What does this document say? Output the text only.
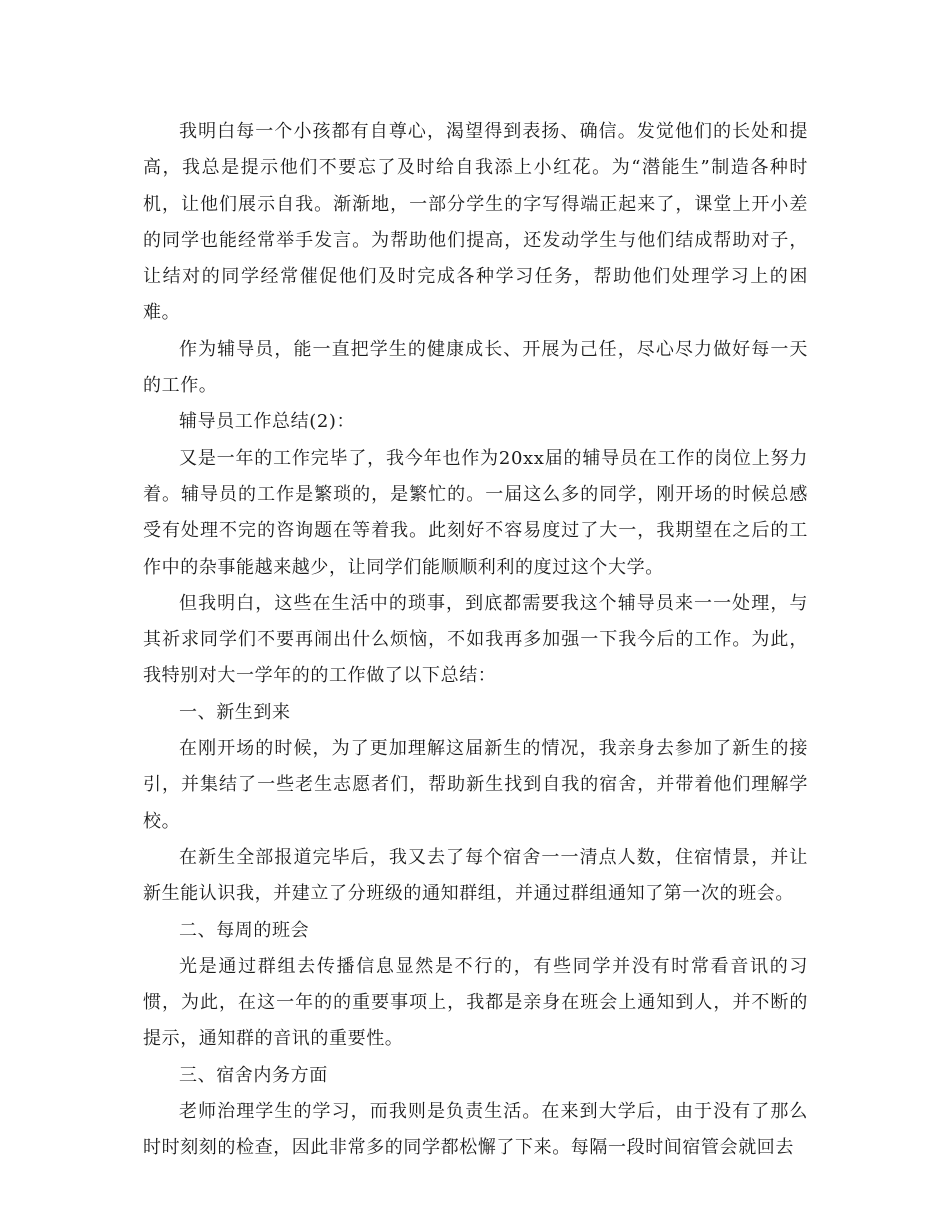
我明白每一个小孩都有自尊心，渴望得到表扬、确信。发觉他们的长处和提高，我总是提示他们不要忘了及时给自我添上小红花。为“潜能生”制造各种时机，让他们展示自我。渐渐地，一部分学生的字写得端正起来了，课堂上开小差的同学也能经常举手发言。为帮助他们提高，还发动学生与他们结成帮助对子，让结对的同学经常催促他们及时完成各种学习任务，帮助他们处理学习上的困难。

作为辅导员，能一直把学生的健康成长、开展为己任，尽心尽力做好每一天的工作。

辅导员工作总结(2)：

又是一年的工作完毕了，我今年也作为20xx届的辅导员在工作的岗位上努力着。辅导员的工作是繁琐的，是繁忙的。一届这么多的同学，刚开场的时候总感受有处理不完的咨询题在等着我。此刻好不容易度过了大一，我期望在之后的工作中的杂事能越来越少，让同学们能顺顺利利的度过这个大学。

但我明白，这些在生活中的琐事，到底都需要我这个辅导员来一一处理，与其祈求同学们不要再闹出什么烦恼，不如我再多加强一下我今后的工作。为此，我特别对大一学年的的工作做了以下总结：

一、新生到来

在刚开场的时候，为了更加理解这届新生的情况，我亲身去参加了新生的接引，并集结了一些老生志愿者们，帮助新生找到自我的宿舍，并带着他们理解学校。

在新生全部报道完毕后，我又去了每个宿舍一一清点人数，住宿情景，并让新生能认识我，并建立了分班级的通知群组，并通过群组通知了第一次的班会。

二、每周的班会

光是通过群组去传播信息显然是不行的，有些同学并没有时常看音讯的习惯，为此，在这一年的的重要事项上，我都是亲身在班会上通知到人，并不断的提示，通知群的音讯的重要性。

三、宿舍内务方面

老师治理学生的学习，而我则是负责生活。在来到大学后，由于没有了那么时时刻刻的检查，因此非常多的同学都松懈了下来。每隔一段时间宿管会就回去
